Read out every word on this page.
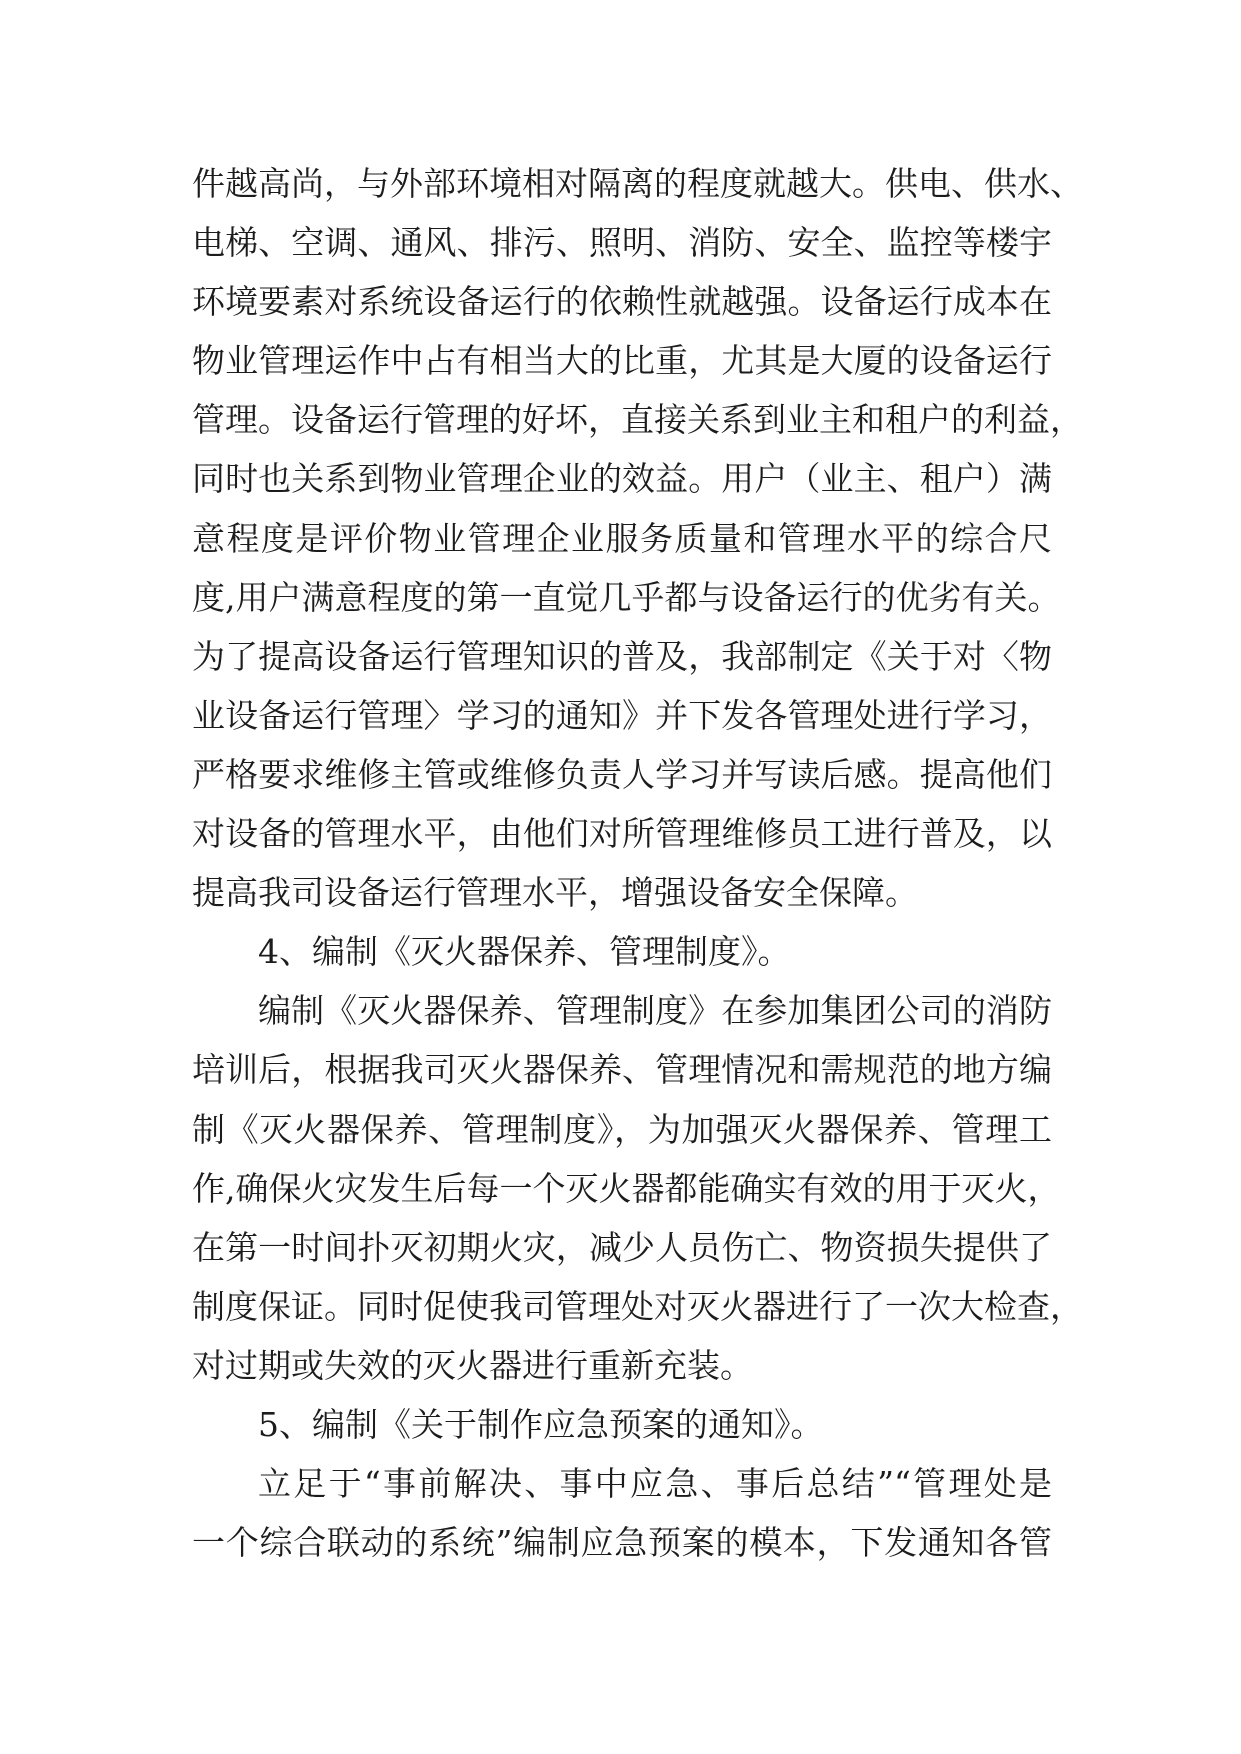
件越高尚，与外部环境相对隔离的程度就越大。供电、供水、
电梯、空调、通风、排污、照明、消防、安全、监控等楼宇
环境要素对系统设备运行的依赖性就越强。设备运行成本在
物业管理运作中占有相当大的比重，尤其是大厦的设备运行
管理。设备运行管理的好坏，直接关系到业主和租户的利益，
同时也关系到物业管理企业的效益。用户（业主、租户）满
意程度是评价物业管理企业服务质量和管理水平的综合尺
度,用户满意程度的第一直觉几乎都与设备运行的优劣有关。
为了提高设备运行管理知识的普及，我部制定《关于对〈物
业设备运行管理〉学习的通知》并下发各管理处进行学习，
严格要求维修主管或维修负责人学习并写读后感。提高他们
对设备的管理水平，由他们对所管理维修员工进行普及，以
提高我司设备运行管理水平，增强设备安全保障。
4、编制《灭火器保养、管理制度》。
编制《灭火器保养、管理制度》在参加集团公司的消防
培训后，根据我司灭火器保养、管理情况和需规范的地方编
制《灭火器保养、管理制度》，为加强灭火器保养、管理工
作,确保火灾发生后每一个灭火器都能确实有效的用于灭火，
在第一时间扑灭初期火灾，减少人员伤亡、物资损失提供了
制度保证。同时促使我司管理处对灭火器进行了一次大检查，
对过期或失效的灭火器进行重新充装。
5、编制《关于制作应急预案的通知》。
立足于“事前解决、事中应急、事后总结”“管理处是
一个综合联动的系统”编制应急预案的模本，下发通知各管
